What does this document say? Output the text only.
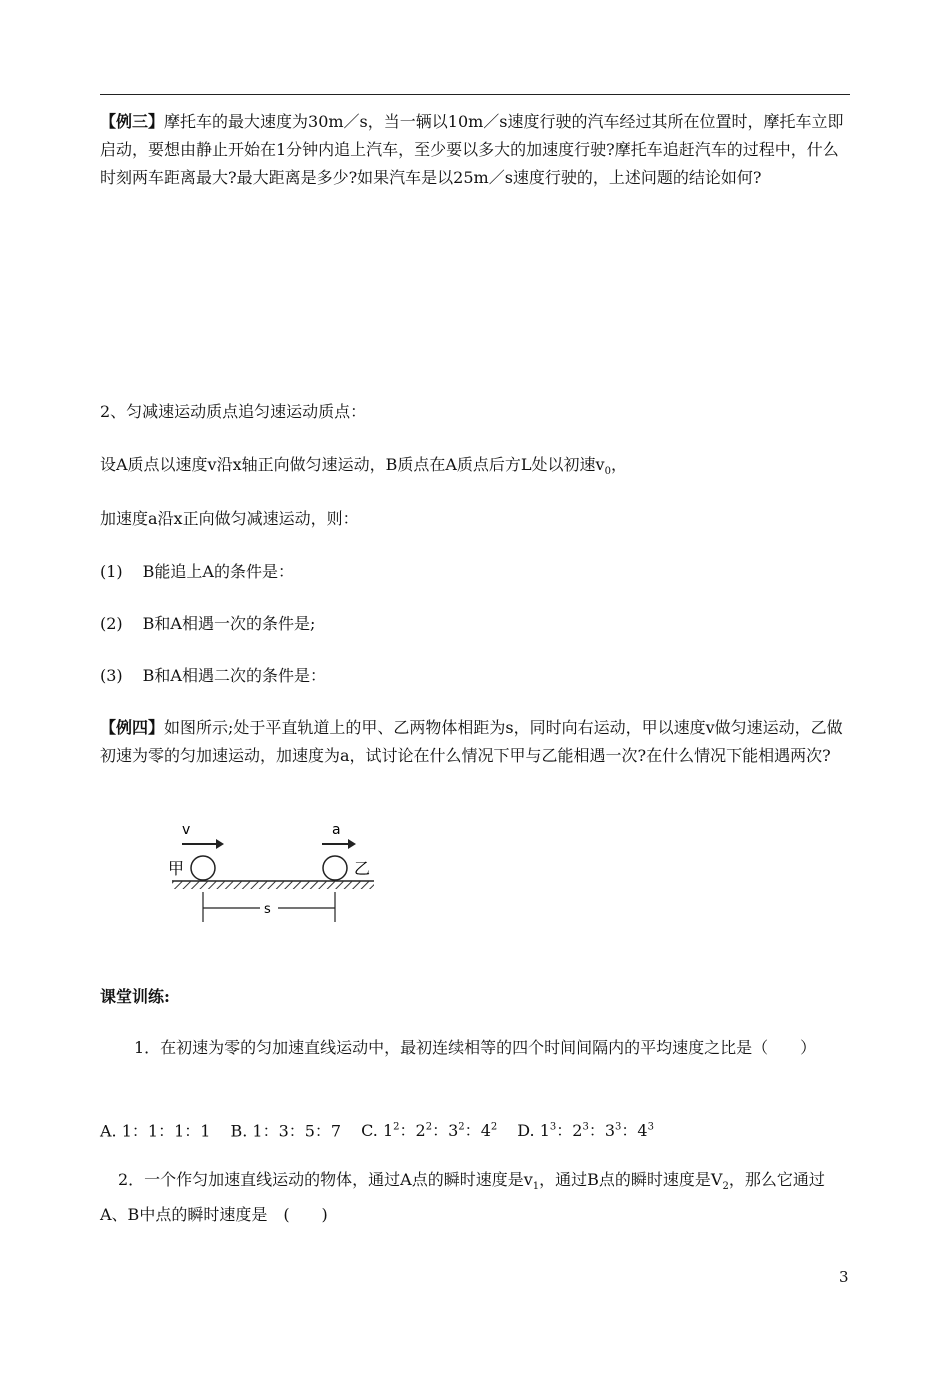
【例三】摩托车的最大速度为30m／s，当一辆以10m／s速度行驶的汽车经过其所在位置时，摩托车立即启动，要想由静止开始在1分钟内追上汽车，至少要以多大的加速度行驶?摩托车追赶汽车的过程中，什么时刻两车距离最大?最大距离是多少?如果汽车是以25m／s速度行驶的，上述问题的结论如何?
2、匀减速运动质点追匀速运动质点：
设A质点以速度v沿x轴正向做匀速运动，B质点在A质点后方L处以初速$v_0$，
加速度a沿x正向做匀减速运动，则：
(1) B能追上A的条件是：
(2) B和A相遇一次的条件是;
(3) B和A相遇二次的条件是：
【例四】如图所示;处于平直轨道上的甲、乙两物体相距为s，同时向右运动，甲以速度v做匀速运动，乙做初速为零的匀加速运动，加速度为a，试讨论在什么情况下甲与乙能相遇一次?在什么情况下能相遇两次?
v	a
甲	乙
s
课堂训练:
1．在初速为零的匀加速直线运动中，最初连续相等的四个时间间隔内的平均速度之比是（　　）
A. 1：1：1：1 B. 1：3：5：7 C. $1^2$：$2^2$：$3^2$：$4^2$ D. $1^3$：$2^3$：$3^3$：$4^3$
2．一个作匀加速直线运动的物体，通过A点的瞬时速度是$v_1$，通过B点的瞬时速度是$V_2$，那么它通过A、B中点的瞬时速度是　(　　)
3
